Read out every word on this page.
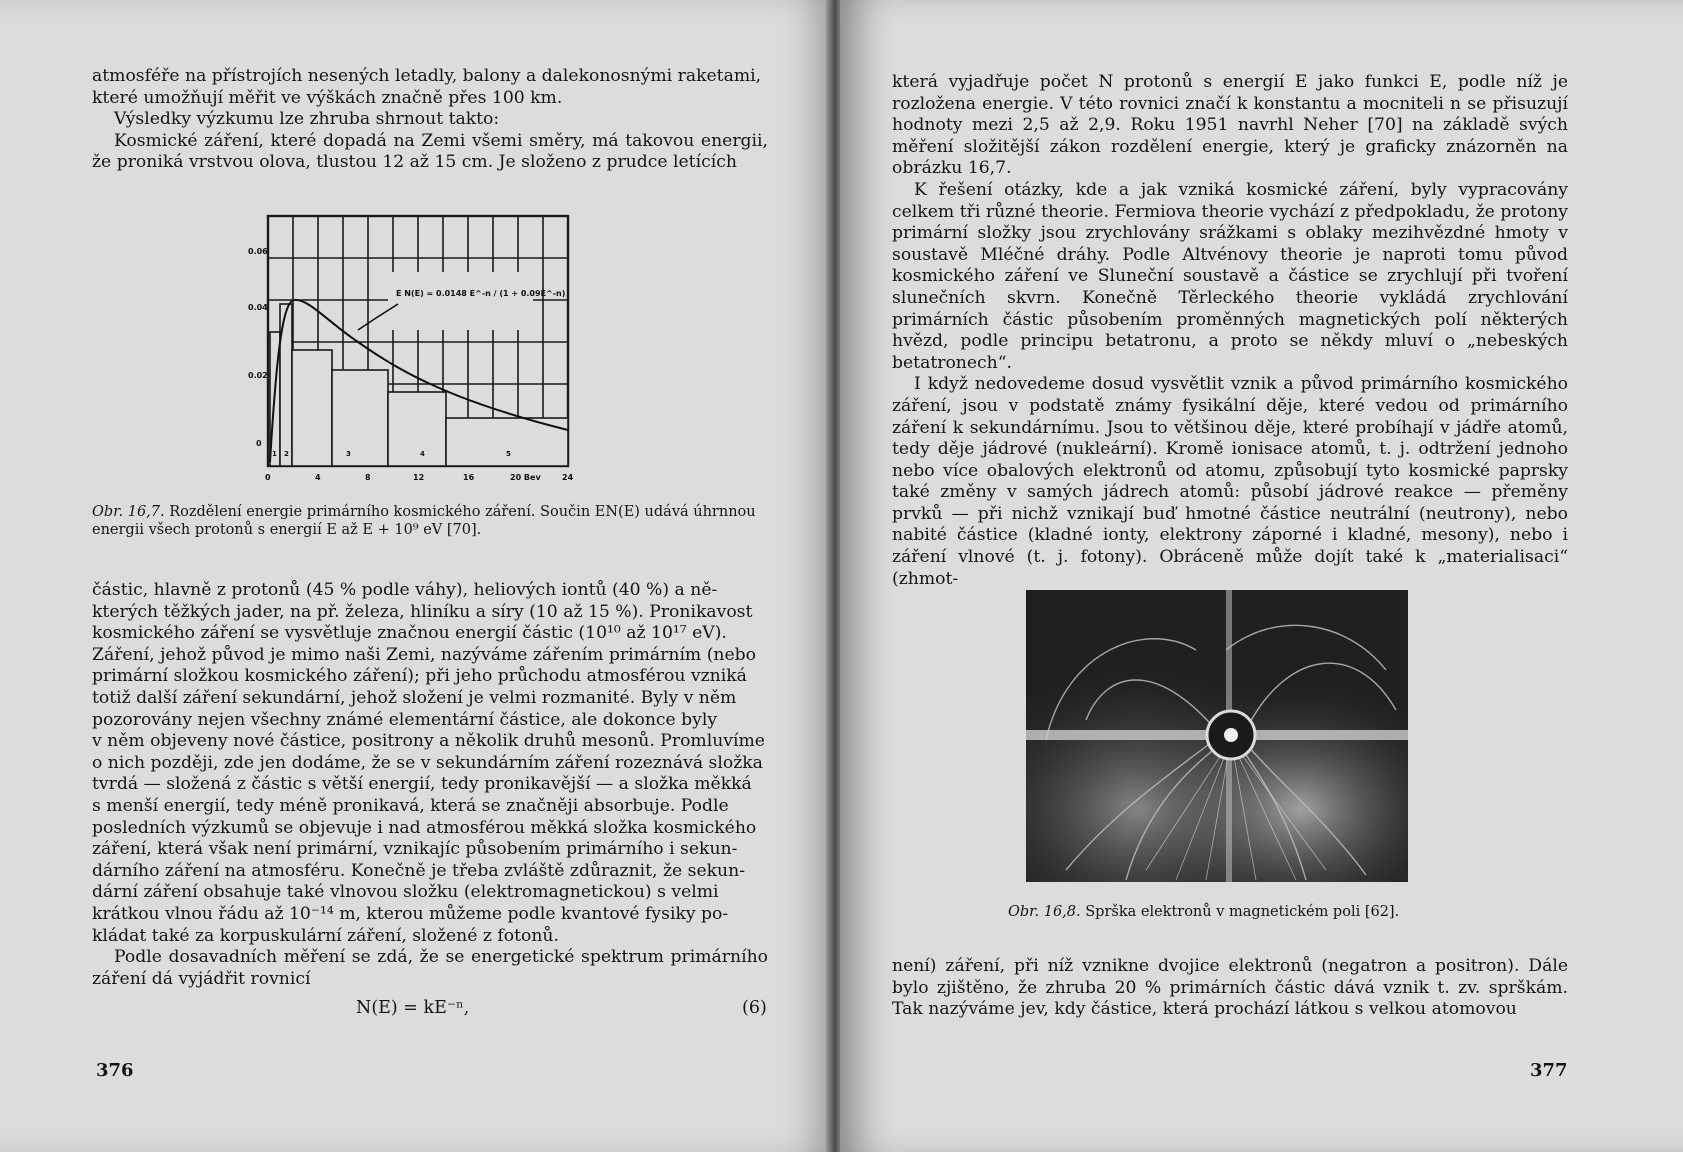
atmosféře na přístrojích nesených letadly, balony a dalekonosnými raketami,

které umožňují měřit ve výškách značně přes 100 km.

Výsledky výzkumu lze zhruba shrnout takto:

Kosmické záření, které dopadá na Zemi všemi směry, má takovou energii, že proniká vrstvou olova, tlustou 12 až 15 cm. Je složeno z prudce letících

E N(E) = 0.0148 E^-n / (1 + 0.09E^-n)
0.06
0.04
0.02
0
0	4	8	12	16	20 Bev	24
1 2	3	4	5
Obr. 16,7. Rozdělení energie primárního kosmického záření. Součin EN(E) udává úhrnnou energii všech protonů s energií E až E + 10⁹ eV [70].

částic, hlavně z protonů (45 % podle váhy), heliových iontů (40 %) a ně-

kterých těžkých jader, na př. železa, hliníku a síry (10 až 15 %). Pronikavost

kosmického záření se vysvětluje značnou energií částic (10¹⁰ až 10¹⁷ eV).

Záření, jehož původ je mimo naši Zemi, nazýváme zářením primárním (nebo

primární složkou kosmického záření); při jeho průchodu atmosférou vzniká

totiž další záření sekundární, jehož složení je velmi rozmanité. Byly v něm

pozorovány nejen všechny známé elementární částice, ale dokonce byly

v něm objeveny nové částice, positrony a několik druhů mesonů. Promluvíme

o nich později, zde jen dodáme, že se v sekundárním záření rozeznává složka

tvrdá — složená z částic s větší energií, tedy pronikavější — a složka měkká

s menší energií, tedy méně pronikavá, která se značněji absorbuje. Podle

posledních výzkumů se objevuje i nad atmosférou měkká složka kosmického

záření, která však není primární, vznikajíc působením primárního i sekun-

dárního záření na atmosféru. Konečně je třeba zvláště zdůraznit, že sekun-

dární záření obsahuje také vlnovou složku (elektromagnetickou) s velmi

krátkou vlnou řádu až 10⁻¹⁴ m, kterou můžeme podle kvantové fysiky po-

kládat také za korpuskulární záření, složené z fotonů.

Podle dosavadních měření se zdá, že se energetické spektrum primárního záření dá vyjádřit rovnicí

N(E) = kE⁻ⁿ,	(6)
376

která vyjadřuje počet N protonů s energií E jako funkci E, podle níž je rozložena energie. V této rovnici značí k konstantu a mocniteli n se přisuzují hodnoty mezi 2,5 až 2,9. Roku 1951 navrhl Neher [70] na základě svých měření složitější zákon rozdělení energie, který je graficky znázorněn na obrázku 16,7.

K řešení otázky, kde a jak vzniká kosmické záření, byly vypracovány celkem tři různé theorie. Fermiova theorie vychází z předpokladu, že protony primární složky jsou zrychlovány srážkami s oblaky mezihvězdné hmoty v soustavě Mléčné dráhy. Podle Altvénovy theorie je naproti tomu původ kosmického záření ve Sluneční soustavě a částice se zrychlují při tvoření slunečních skvrn. Konečně Těrleckého theorie vykládá zrychlování primárních částic působením proměnných magnetických polí některých hvězd, podle principu betatronu, a proto se někdy mluví o „nebeských betatronech“.

I když nedovedeme dosud vysvětlit vznik a původ primárního kosmického záření, jsou v podstatě známy fysikální děje, které vedou od primárního záření k sekundárnímu. Jsou to většinou děje, které probíhají v jádře atomů, tedy děje jádrové (nukleární). Kromě ionisace atomů, t. j. odtržení jednoho nebo více obalových elektronů od atomu, způsobují tyto kosmické paprsky také změny v samých jádrech atomů: působí jádrové reakce — přeměny prvků — při nichž vznikají buď hmotné částice neutrální (neutrony), nebo nabité částice (kladné ionty, elektrony záporné i kladné, mesony), nebo i záření vlnové (t. j. fotony). Obráceně může dojít také k „materialisaci“ (zhmot-

Obr. 16,8. Sprška elektronů v magnetickém poli [62].

není) záření, při níž vznikne dvojice elektronů (negatron a positron). Dále bylo zjištěno, že zhruba 20 % primárních částic dává vznik t. zv. sprškám. Tak nazýváme jev, kdy částice, která prochází látkou s velkou atomovou

377
